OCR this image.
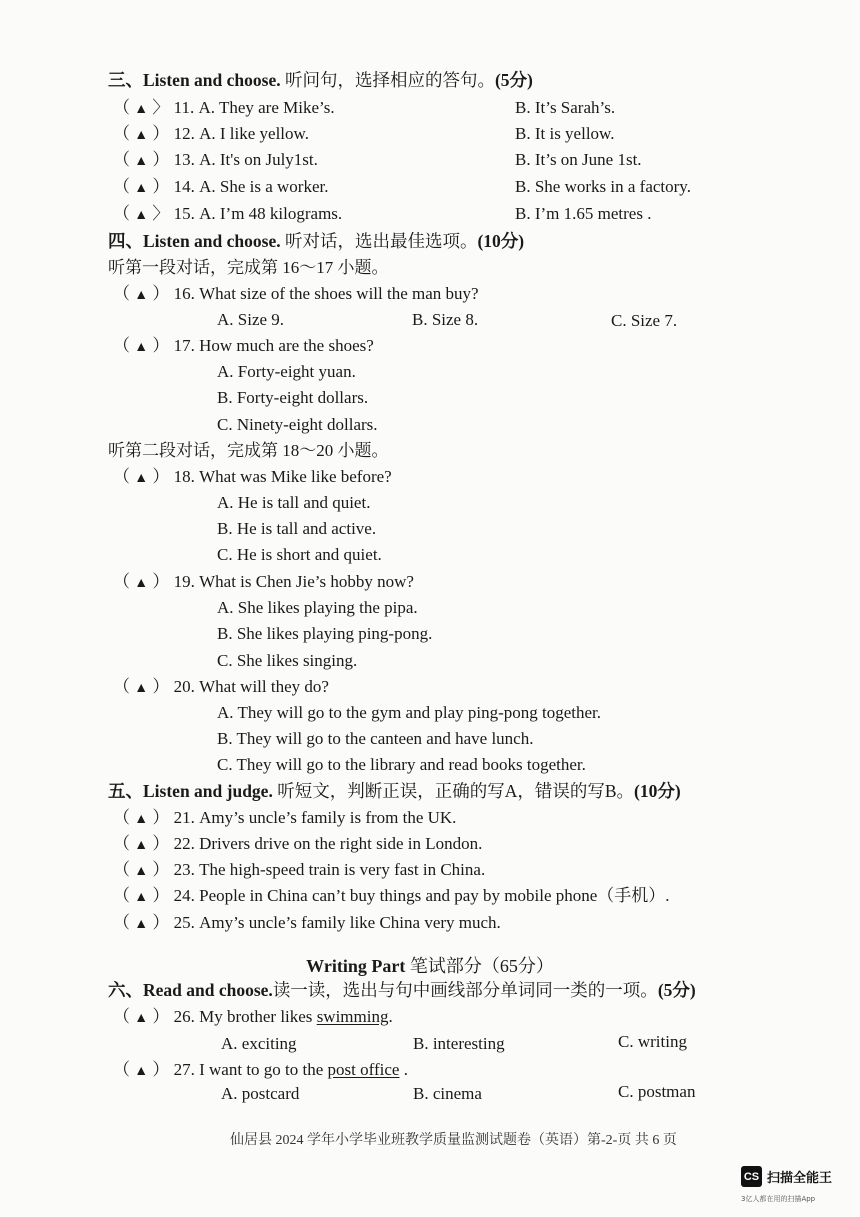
三、Listen and choose. 听问句，选择相应的答句。(5分)
（ ▲ 〉 11. A. They are Mike’s.	B. It’s Sarah’s.
（ ▲ ） 12. A. I like yellow.	B. It is yellow.
（ ▲ ） 13. A. It's on July1st.	B. It’s on June 1st.
（ ▲ ） 14. A. She is a worker.	B. She works in a factory.
（ ▲ 〉 15. A. I’m 48 kilograms.	B. I’m 1.65 metres .
四、Listen and choose. 听对话，选出最佳选项。(10分)
听第一段对话，完成第 16～17 小题。
（ ▲ ） 16. What size of the shoes will the man buy?
A. Size 9.	B. Size 8.	C. Size 7.
（ ▲ ） 17. How much are the shoes?
A. Forty-eight yuan.
B. Forty-eight dollars.
C. Ninety-eight dollars.
听第二段对话，完成第 18～20 小题。
（ ▲ ） 18. What was Mike like before?
A. He is tall and quiet.
B. He is tall and active.
C. He is short and quiet.
（ ▲ ） 19. What is Chen Jie’s hobby now?
A. She likes playing the pipa.
B. She likes playing ping-pong.
C. She likes singing.
（ ▲ ） 20. What will they do?
A. They will go to the gym and play ping-pong together.
B. They will go to the canteen and have lunch.
C. They will go to the library and read books together.
五、Listen and judge. 听短文，判断正误，正确的写A，错误的写B。(10分)
（ ▲ ） 21. Amy’s uncle’s family is from the UK.
（ ▲ ） 22. Drivers drive on the right side in London.
（ ▲ ） 23. The high-speed train is very fast in China.
（ ▲ ） 24. People in China can’t buy things and pay by mobile phone（手机）.
（ ▲ ） 25. Amy’s uncle’s family like China very much.
Writing Part 笔试部分（65分）
六、Read and choose.读一读，选出与句中画线部分单词同一类的一项。(5分)
（ ▲ ） 26. My brother likes swimming.
A. exciting	B. interesting	C. writing
（ ▲ ） 27. I want to go to the post office .
A. postcard	B. cinema	C. postman
仙居县 2024 学年小学毕业班教学质量监测试题卷（英语）第-2-页 共 6 页
CS 扫描全能王
3亿人都在用的扫描App
